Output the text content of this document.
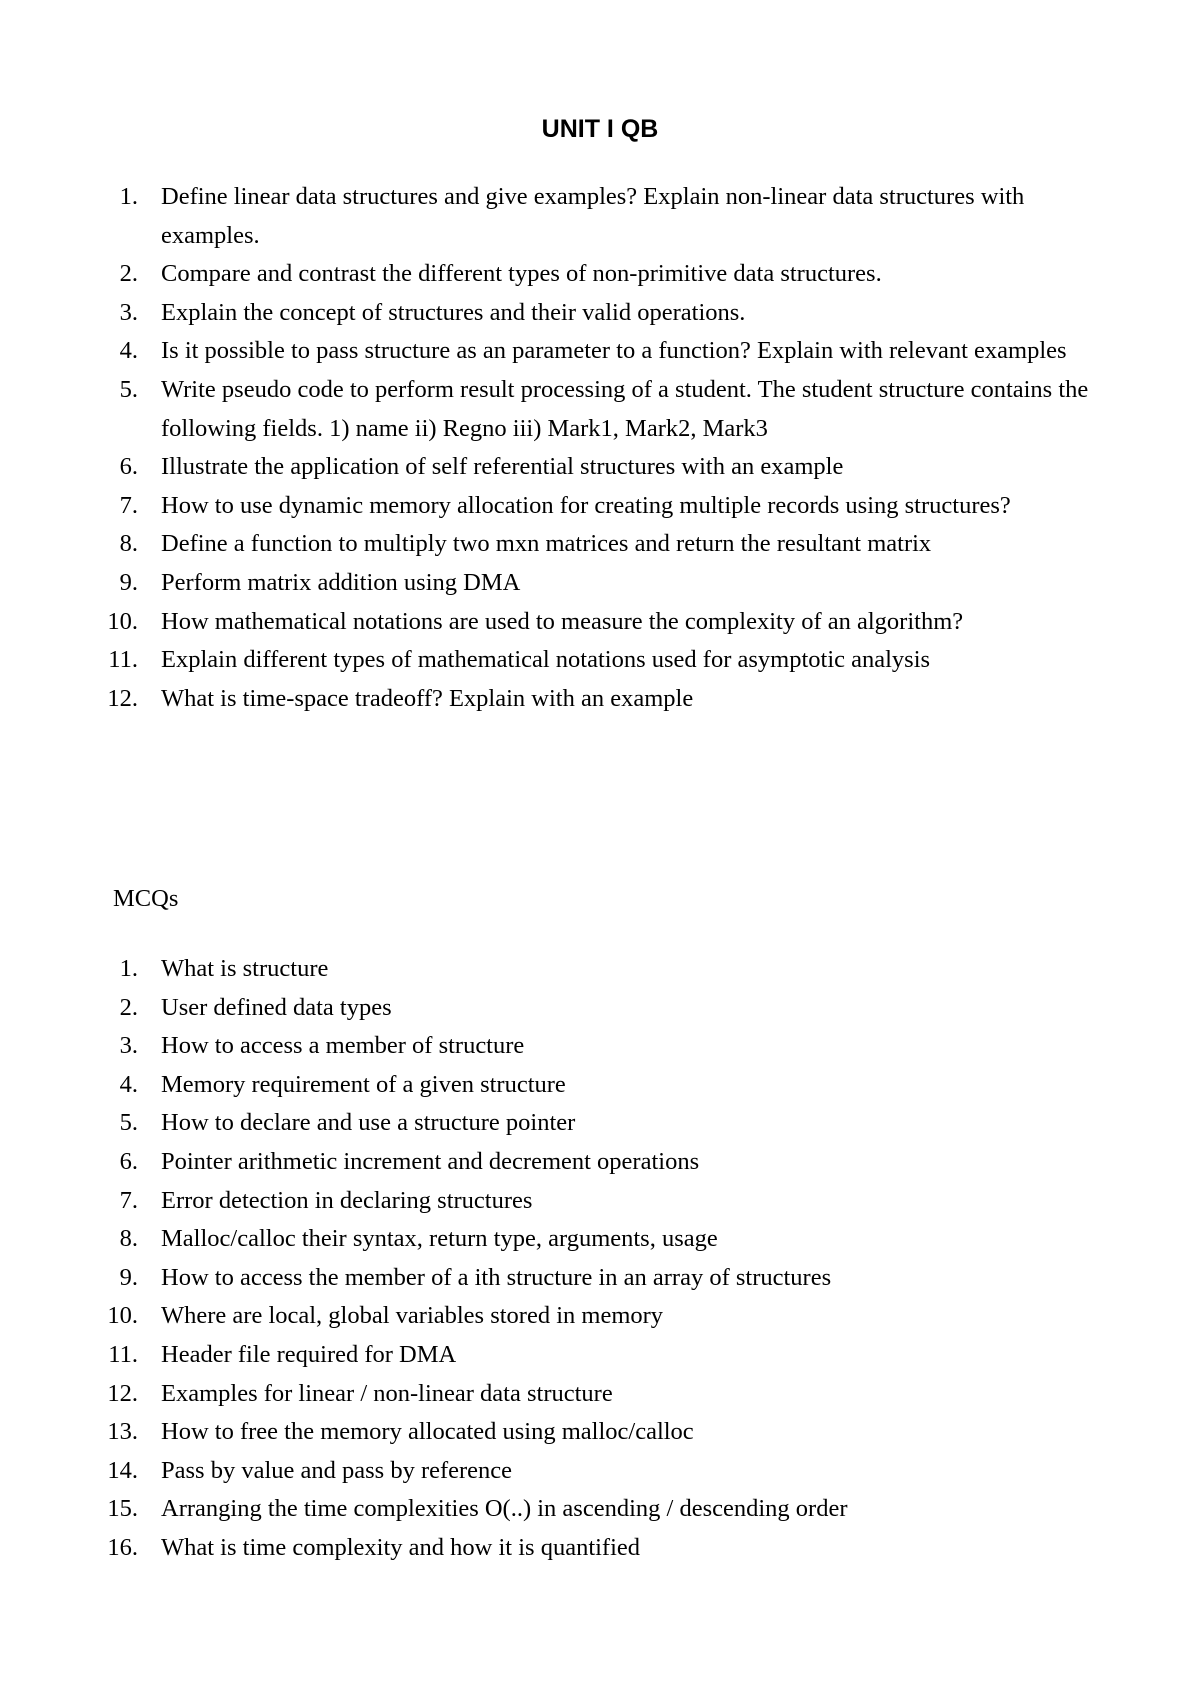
UNIT I QB
1. Define linear data structures and give examples? Explain non-linear data structures with examples.
2. Compare and contrast the different types of non-primitive data structures.
3. Explain the concept of structures and their valid operations.
4. Is it possible to pass structure as an parameter to a function? Explain with relevant examples
5. Write pseudo code to perform result processing of a student. The student structure contains the following fields. 1) name ii) Regno iii) Mark1, Mark2, Mark3
6. Illustrate the application of self referential structures with an example
7. How to use dynamic memory allocation for creating multiple records using structures?
8. Define a function to multiply two mxn matrices and return the resultant matrix
9. Perform matrix addition using DMA
10. How mathematical notations are used to measure the complexity of an algorithm?
11. Explain different types of mathematical notations used for asymptotic analysis
12. What is time-space tradeoff? Explain with an example

MCQs

1. What is structure
2. User defined data types
3. How to access a member of structure
4. Memory requirement of a given structure
5. How to declare and use a structure pointer
6. Pointer arithmetic increment and decrement operations
7. Error detection in declaring structures
8. Malloc/calloc their syntax, return type, arguments, usage
9. How to access the member of a ith structure in an array of structures
10. Where are local, global variables stored in memory
11. Header file required for DMA
12. Examples for linear / non-linear data structure
13. How to free the memory allocated using malloc/calloc
14. Pass by value and pass by reference
15. Arranging the time complexities O(..) in ascending / descending order
16. What is time complexity and how it is quantified
